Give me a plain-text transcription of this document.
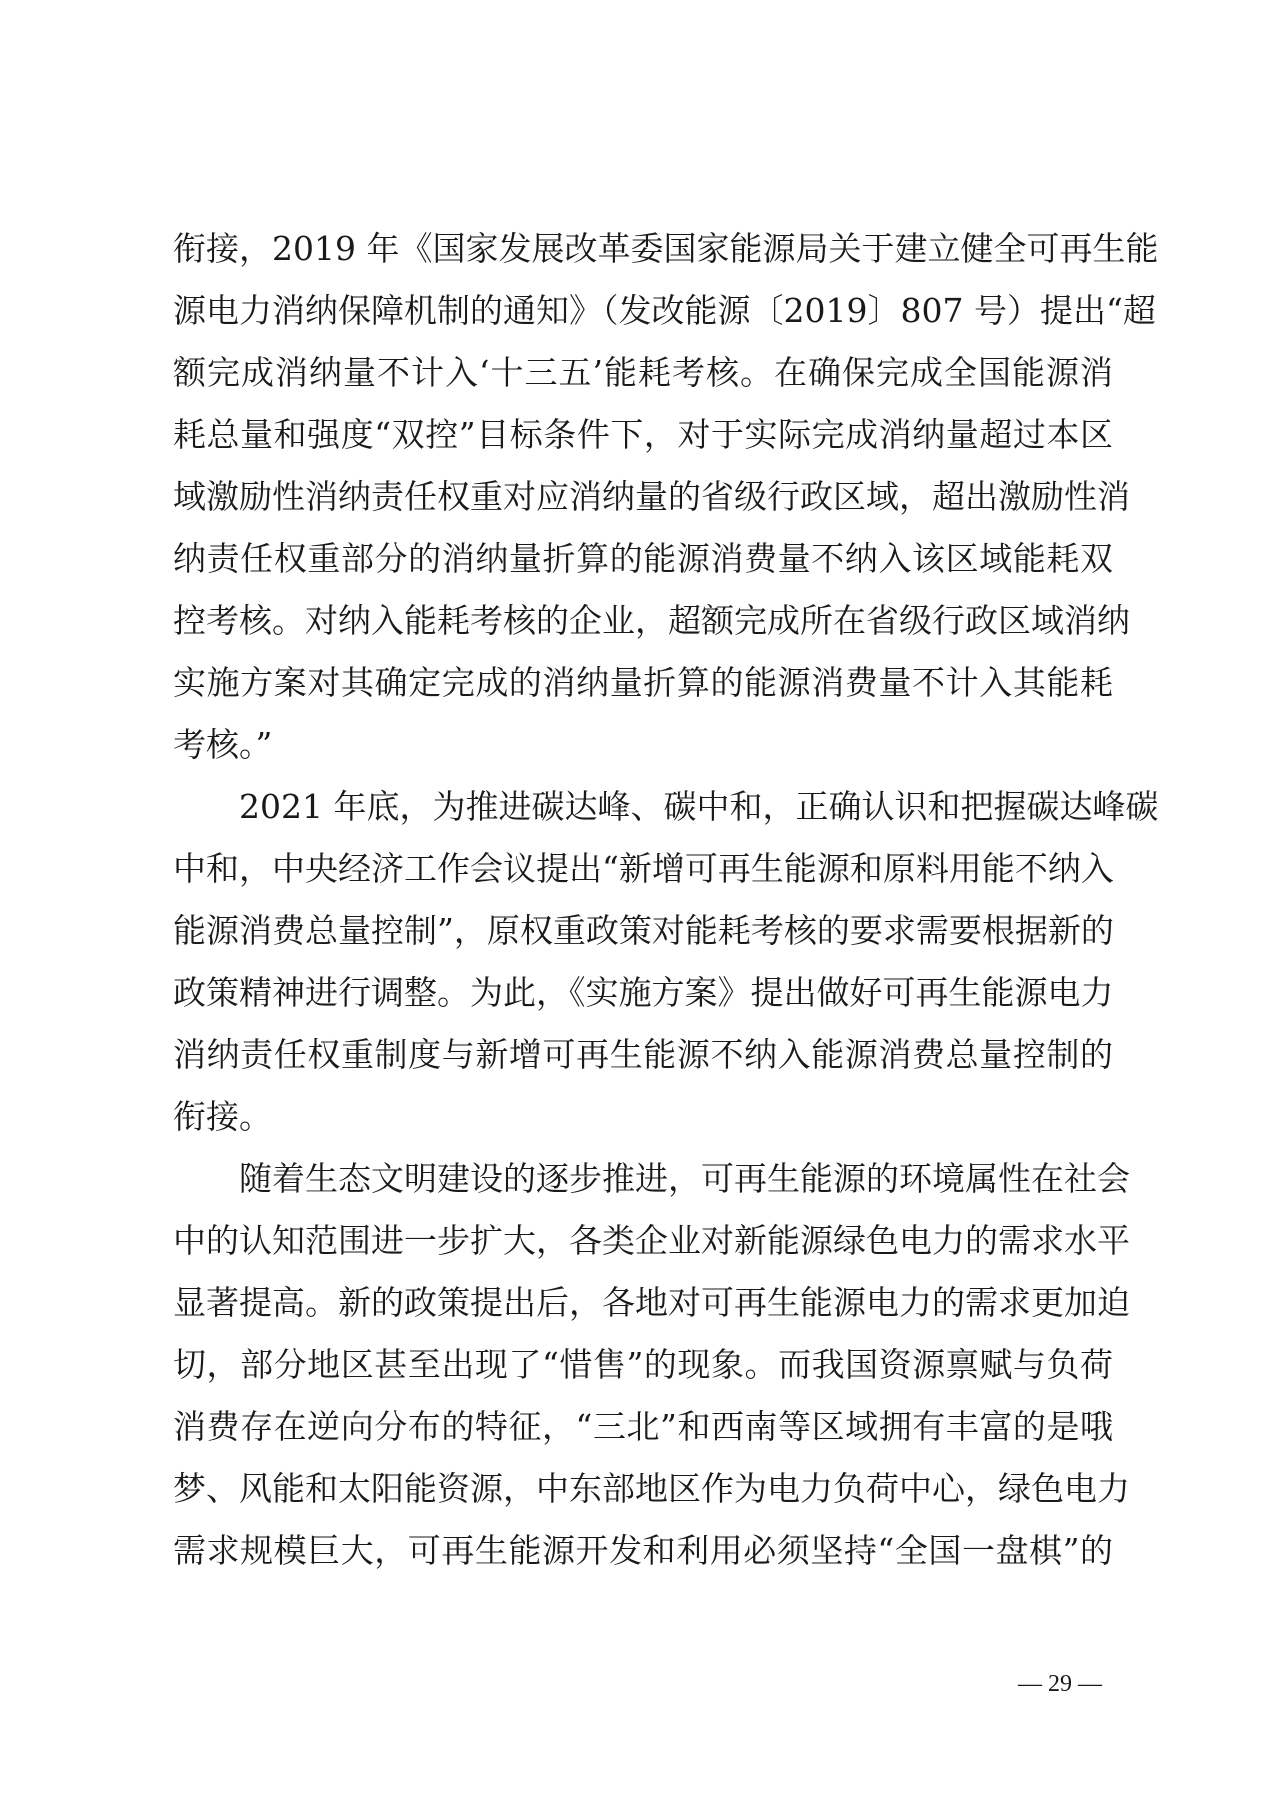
衔接，2019 年《国家发展改革委国家能源局关于建立健全可再生能
源电力消纳保障机制的通知》（发改能源〔2019〕807 号）提出“超
额完成消纳量不计入‘十三五’能耗考核。在确保完成全国能源消
耗总量和强度“双控”目标条件下，对于实际完成消纳量超过本区
域激励性消纳责任权重对应消纳量的省级行政区域，超出激励性消
纳责任权重部分的消纳量折算的能源消费量不纳入该区域能耗双
控考核。对纳入能耗考核的企业，超额完成所在省级行政区域消纳
实施方案对其确定完成的消纳量折算的能源消费量不计入其能耗
考核。”
2021 年底，为推进碳达峰、碳中和，正确认识和把握碳达峰碳
中和，中央经济工作会议提出“新增可再生能源和原料用能不纳入
能源消费总量控制”，原权重政策对能耗考核的要求需要根据新的
政策精神进行调整。为此，《实施方案》提出做好可再生能源电力
消纳责任权重制度与新增可再生能源不纳入能源消费总量控制的
衔接。
随着生态文明建设的逐步推进，可再生能源的环境属性在社会
中的认知范围进一步扩大，各类企业对新能源绿色电力的需求水平
显著提高。新的政策提出后，各地对可再生能源电力的需求更加迫
切，部分地区甚至出现了“惜售”的现象。而我国资源禀赋与负荷
消费存在逆向分布的特征，“三北”和西南等区域拥有丰富的是哦
梦、风能和太阳能资源，中东部地区作为电力负荷中心，绿色电力
需求规模巨大，可再生能源开发和利用必须坚持“全国一盘棋”的
— 29 —
